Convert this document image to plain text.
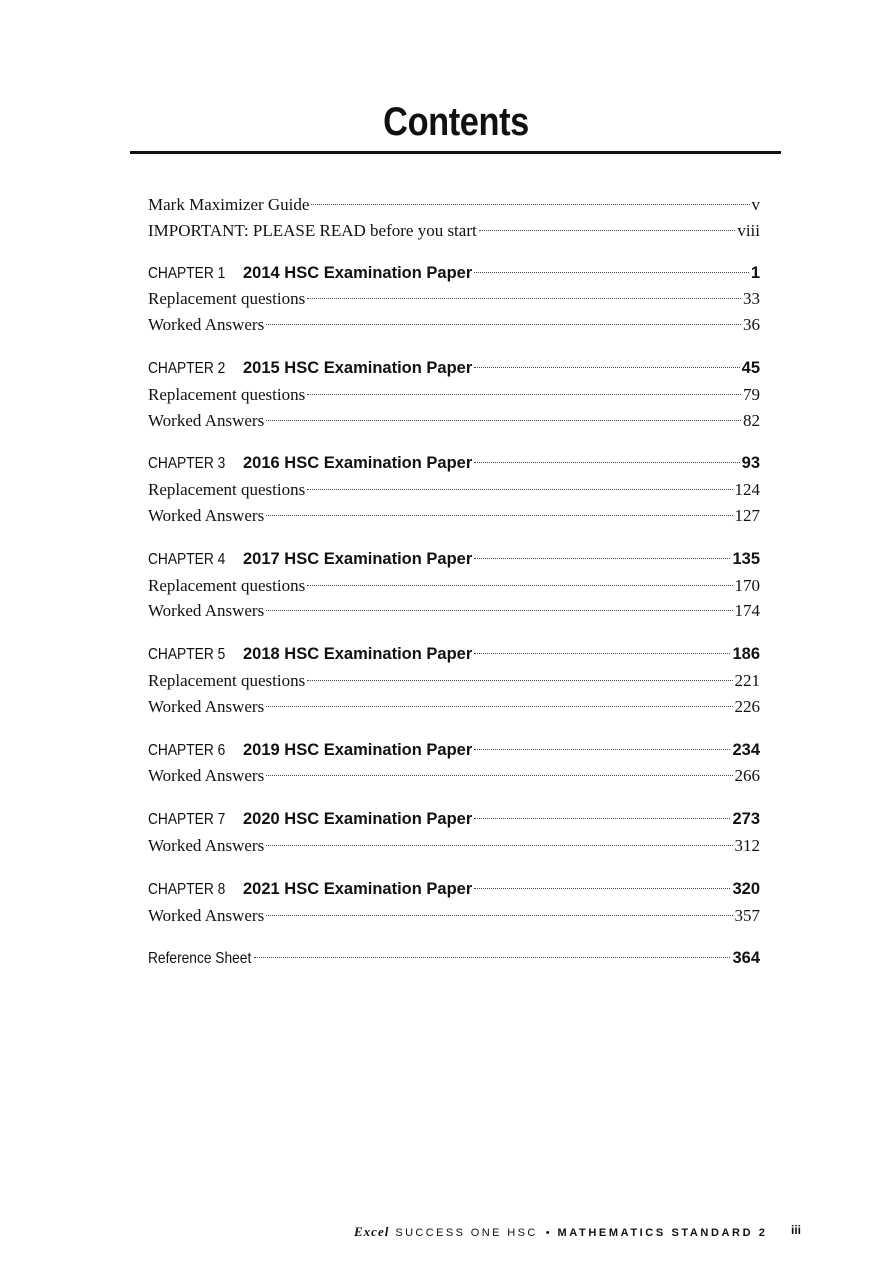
Contents
Mark Maximizer Guide	v
IMPORTANT: PLEASE READ before you start	viii
CHAPTER 1 2014 HSC Examination Paper	1
Replacement questions	33
Worked Answers	36
CHAPTER 2 2015 HSC Examination Paper	45
Replacement questions	79
Worked Answers	82
CHAPTER 3 2016 HSC Examination Paper	93
Replacement questions	124
Worked Answers	127
CHAPTER 4 2017 HSC Examination Paper	135
Replacement questions	170
Worked Answers	174
CHAPTER 5 2018 HSC Examination Paper	186
Replacement questions	221
Worked Answers	226
CHAPTER 6 2019 HSC Examination Paper	234
Worked Answers	266
CHAPTER 7 2020 HSC Examination Paper	273
Worked Answers	312
CHAPTER 8 2021 HSC Examination Paper	320
Worked Answers	357
Reference Sheet	364
Excel SUCCESS ONE HSC • MATHEMATICS STANDARD 2 iii
